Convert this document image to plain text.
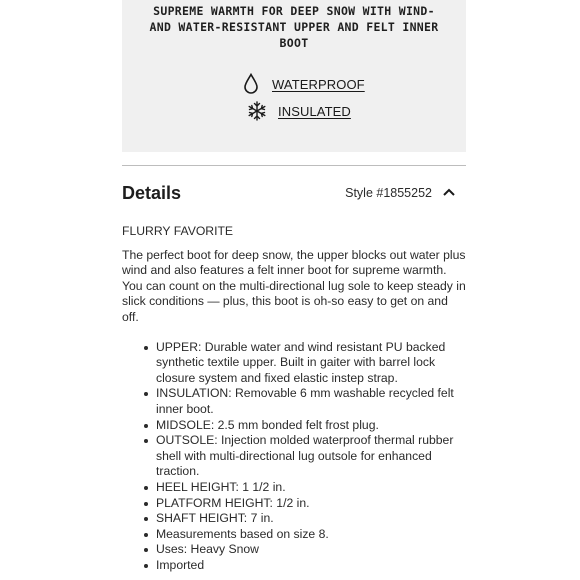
SUPREME WARMTH FOR DEEP SNOW WITH WIND-
AND WATER-RESISTANT UPPER AND FELT INNER
BOOT
WATERPROOF
INSULATED
Details	Style #1855252
FLURRY FAVORITE

The perfect boot for deep snow, the upper blocks out water plus wind and also features a felt inner boot for supreme warmth. You can count on the multi-directional lug sole to keep steady in slick conditions — plus, this boot is oh-so easy to get on and off.

UPPER: Durable water and wind resistant PU backed synthetic textile upper. Built in gaiter with barrel lock closure system and fixed elastic instep strap.
INSULATION: Removable 6 mm washable recycled felt inner boot.
MIDSOLE: 2.5 mm bonded felt frost plug.
OUTSOLE: Injection molded waterproof thermal rubber shell with multi-directional lug outsole for enhanced traction.
HEEL HEIGHT: 1 1/2 in.
PLATFORM HEIGHT: 1/2 in.
SHAFT HEIGHT: 7 in.
Measurements based on size 8.
Uses: Heavy Snow
Imported
